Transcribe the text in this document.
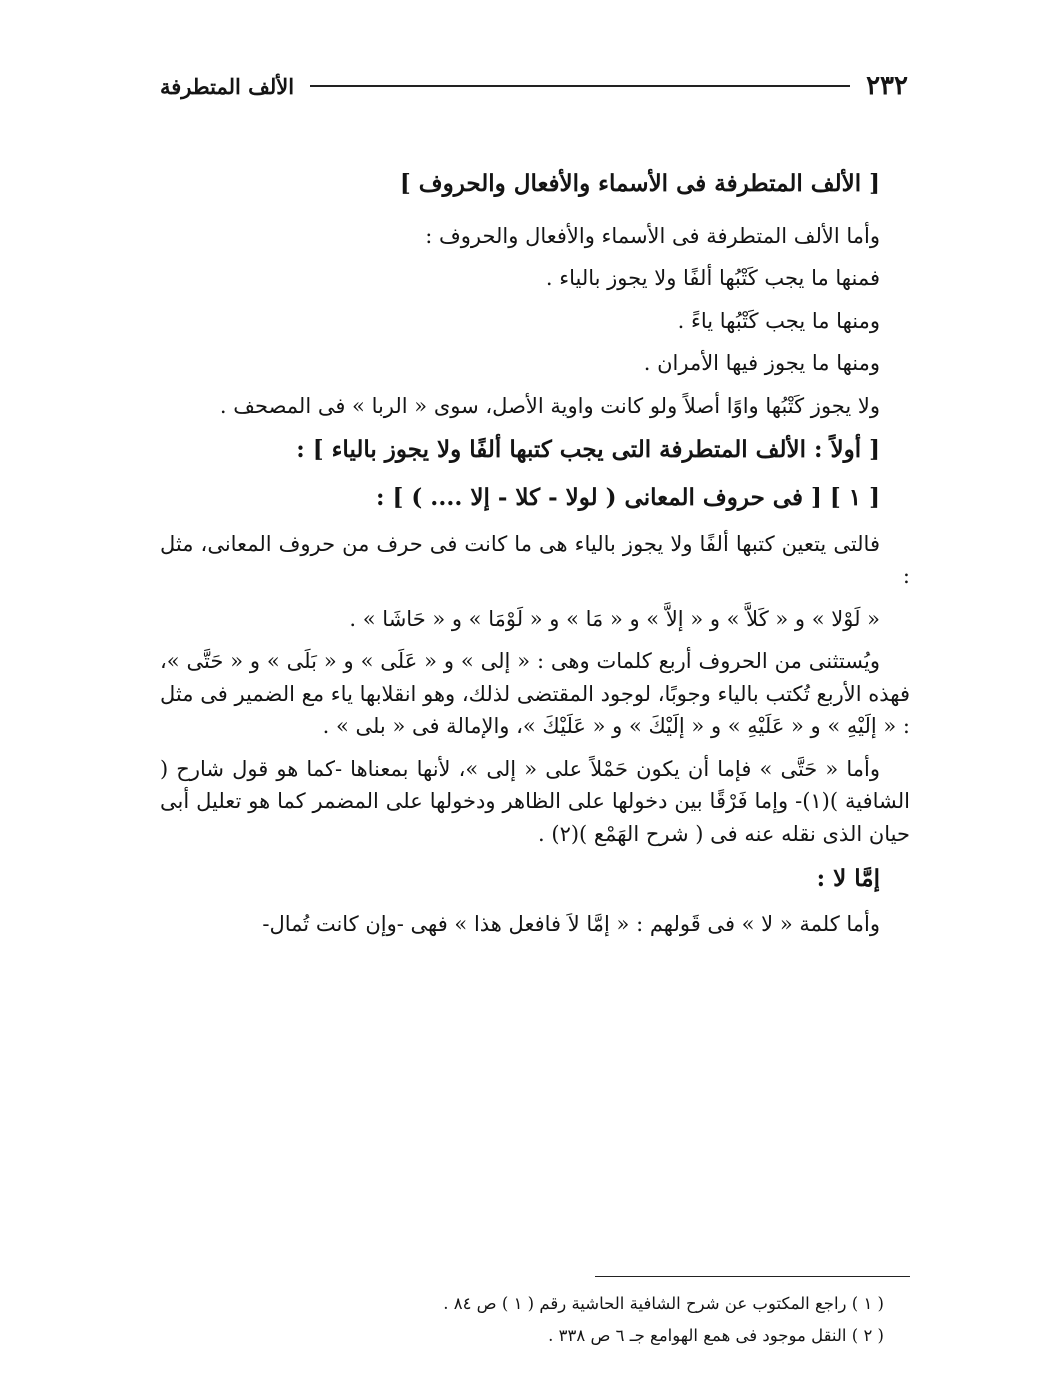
٢٣٢
الألف المتطرفة
[ الألف المتطرفة فى الأسماء والأفعال والحروف ]

وأما الألف المتطرفة فى الأسماء والأفعال والحروف :

فمنها ما يجب كَتْبُها ألفًا ولا يجوز بالياء .

ومنها ما يجب كَتْبُها ياءً .

ومنها ما يجوز فيها الأمران .

ولا يجوز كَتْبُها واوًا أصلاً ولو كانت واوية الأصل، سوى « الربا » فى المصحف .

[ أولاً : الألف المتطرفة التى يجب كتبها ألفًا ولا يجوز بالياء ] :
[ ١ ] [ فى حروف المعانى ( لولا - كلا - إلا .... ) ] :

فالتى يتعين كتبها ألفًا ولا يجوز بالياء هى ما كانت فى حرف من حروف المعانى، مثل :

« لَوْلا » و « كَلاَّ » و « إلاَّ » و « مَا » و « لَوْمَا » و « حَاشَا » .

ويُستثنى من الحروف أربع كلمات وهى : « إلى » و « عَلَى » و « بَلَى » و « حَتَّى »، فهذه الأربع تُكتب بالياء وجوبًا، لوجود المقتضى لذلك، وهو انقلابها ياء مع الضمير فى مثل : « إلَيْهِ » و « عَلَيْهِ » و « إلَيْكَ » و « عَلَيْكَ »، والإمالة فى « بلى » .

وأما « حَتَّى » فإما أن يكون حَمْلاً على « إلى »، لأنها بمعناها -كما هو قول شارح ( الشافية )(١)- وإما فَرْقًا بين دخولها على الظاهر ودخولها على المضمر كما هو تعليل أبى حيان الذى نقله عنه فى ( شرح الهَمْع )(٢) .

إمَّا لا :

وأما كلمة « لا » فى قَولهم : « إمَّا لاَ فافعل هذا » فهى -وإن كانت تُمال-

( ١ ) راجع المكتوب عن شرح الشافية الحاشية رقم ( ١ ) ص ٨٤ .
( ٢ ) النقل موجود فى همع الهوامع جـ ٦ ص ٣٣٨ .
